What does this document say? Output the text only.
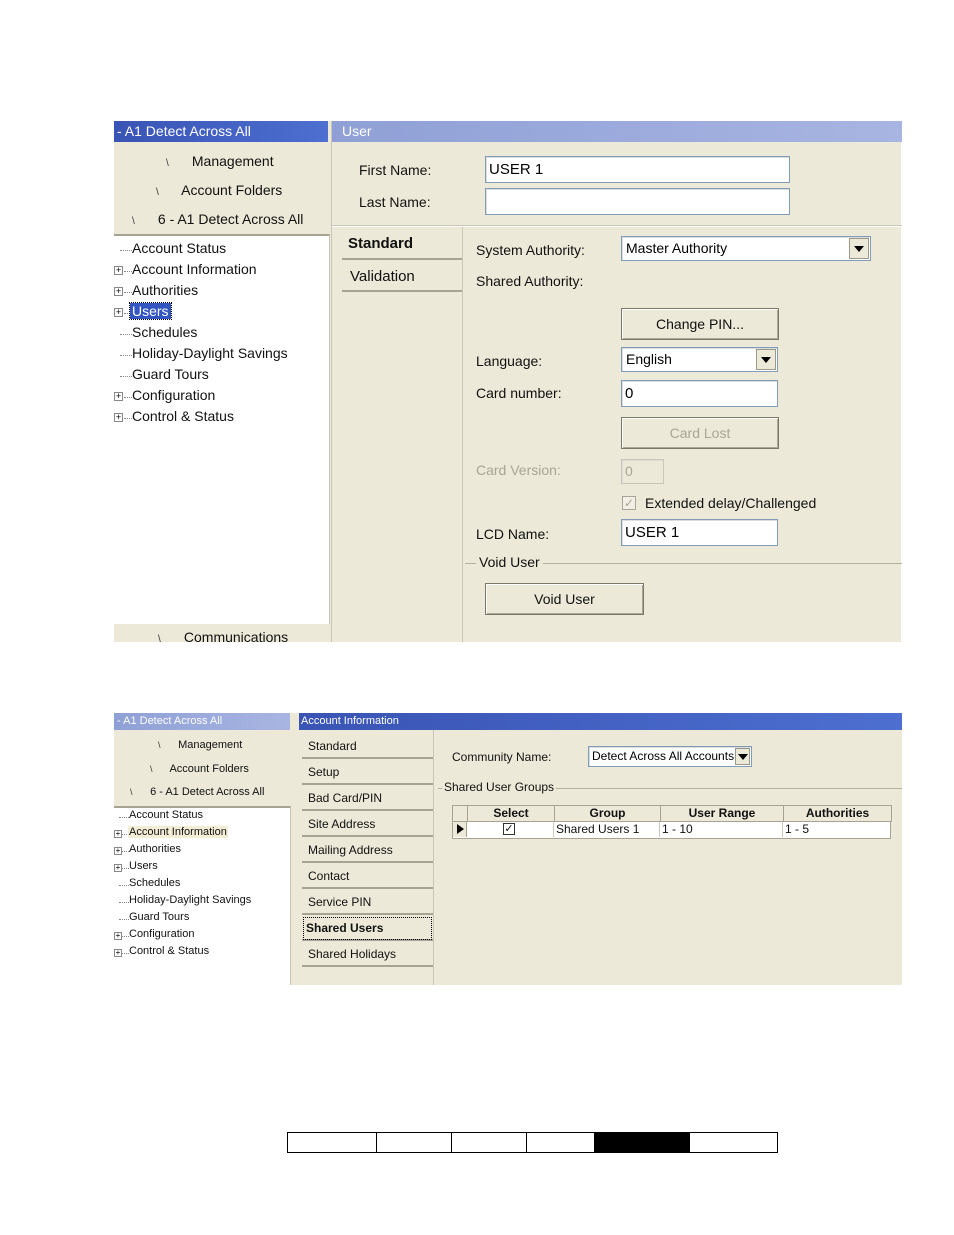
- A1 Detect Across All
\ Management
\ Account Folders
\ 6 - A1 Detect Across All
Account Status
+ Account Information
+ Authorities
+ Users
Schedules
Holiday-Daylight Savings
Guard Tours
+ Configuration
+ Control & Status
\ Communications
User
First Name:	USER 1
Last Name:
Standard
Validation
System Authority:	Master Authority
Shared Authority:
Change PIN...
Language:	English
Card number:	0
Card Lost
Card Version:	0
✓ Extended delay/Challenged
LCD Name:	USER 1
Void User
Void User
- A1 Detect Across All
\ Management
\ Account Folders
\ 6 - A1 Detect Across All
Account Status
+ Account Information
+ Authorities
+ Users
Schedules
Holiday-Daylight Savings
Guard Tours
+ Configuration
+ Control & Status
Account Information
Standard
Setup
Bad Card/PIN
Site Address
Mailing Address
Contact
Service PIN
Shared Users
Shared Holidays
Community Name:	Detect Across All Accounts
Shared User Groups
Select	Group	User Range	Authorities
✓	Shared Users 1	1 - 10	1 - 5
